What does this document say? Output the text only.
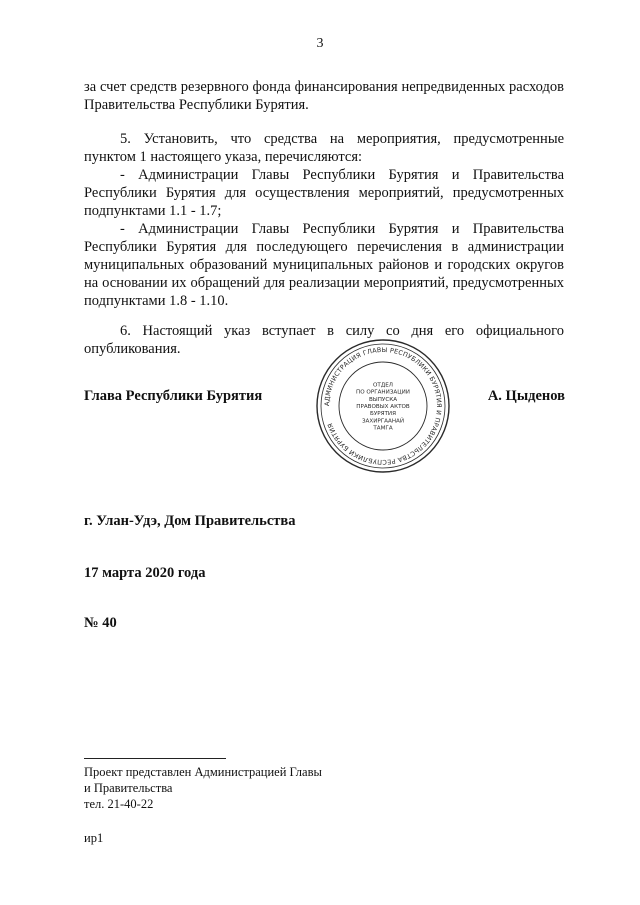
3
за счет средств резервного фонда финансирования непредвиденных расходов Правительства Республики Бурятия.
5. Установить, что средства на мероприятия, предусмотренные пунктом 1 настоящего указа, перечисляются:
- Администрации Главы Республики Бурятия и Правительства Республики Бурятия для осуществления мероприятий, предусмотренных подпунктами 1.1 - 1.7;
- Администрации Главы Республики Бурятия и Правительства Республики Бурятия для последующего перечисления в администрации муниципальных образований муниципальных районов и городских округов на основании их обращений для реализации мероприятий, предусмотренных подпунктами 1.8 - 1.10.
6. Настоящий указ вступает в силу со дня его официального опубликования.
Глава Республики Бурятия	А. Цыденов
АДМИНИСТРАЦИЯ ГЛАВЫ РЕСПУБЛИКИ БУРЯТИЯ И ПРАВИТЕЛЬСТВА РЕСПУБЛИКИ БУРЯТИЯ
ОТДЕЛ
ПО ОРГАНИЗАЦИИ
ВЫПУСКА
ПРАВОВЫХ АКТОВ
БУРЯТИЯ
ЗАХИРГААНАЙ
ТАМГА
г. Улан-Удэ, Дом Правительства
17 марта 2020 года
№ 40
Проект представлен Администрацией Главы
и Правительства
тел. 21-40-22
ир1
